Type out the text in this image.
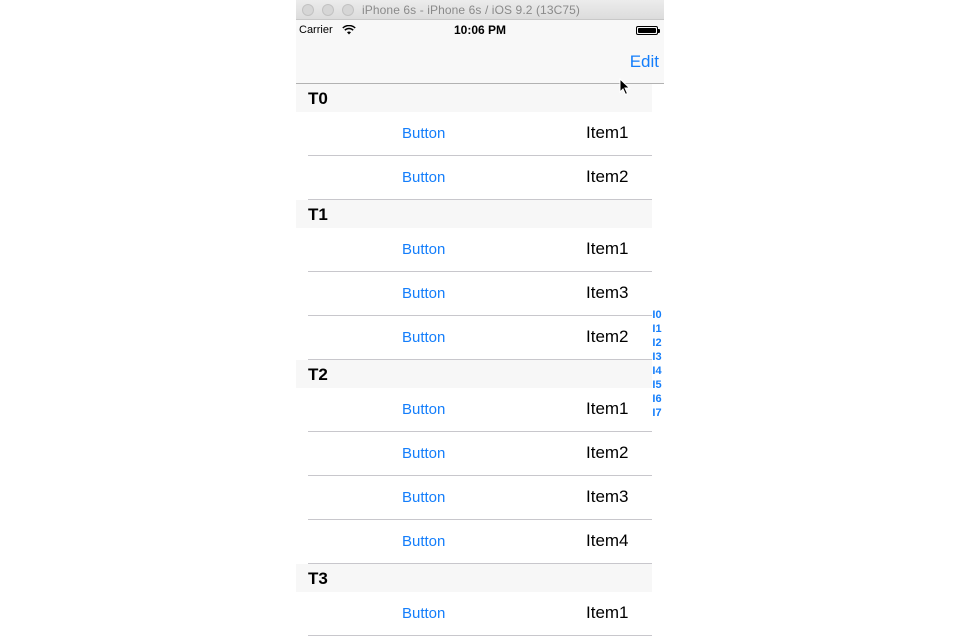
iPhone 6s - iPhone 6s / iOS 9.2 (13C75)
Carrier	10:06 PM
Edit
T0
Button	Item1
Button	Item2
T1
Button	Item1
Button	Item3
Button	Item2
T2
Button	Item1
Button	Item2
Button	Item3
Button	Item4
T3
Button	Item1
I0
I1
I2
I3
I4
I5
I6
I7
